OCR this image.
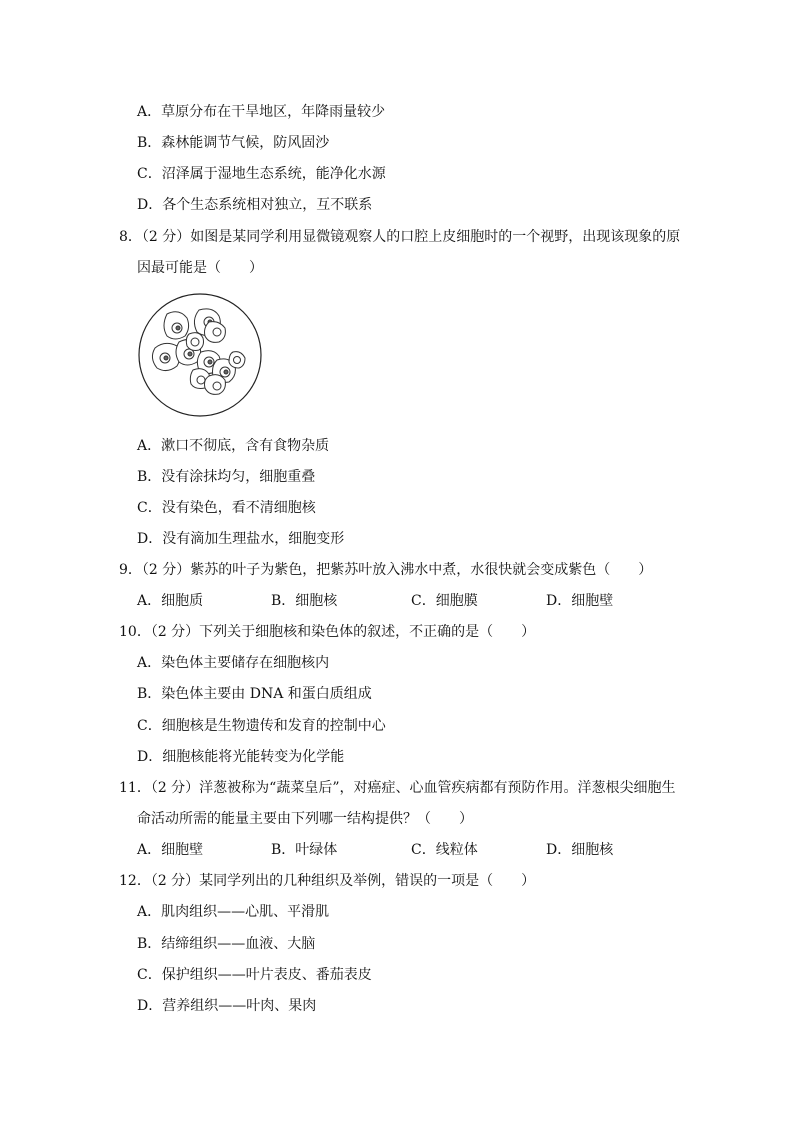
A．草原分布在干旱地区，年降雨量较少
B．森林能调节气候，防风固沙
C．沼泽属于湿地生态系统，能净化水源
D．各个生态系统相对独立，互不联系
8．（2 分）如图是某同学利用显微镜观察人的口腔上皮细胞时的一个视野，出现该现象的原
因最可能是（　　）
A．漱口不彻底，含有食物杂质
B．没有涂抹均匀，细胞重叠
C．没有染色，看不清细胞核
D．没有滴加生理盐水，细胞变形
9．（2 分）紫苏的叶子为紫色，把紫苏叶放入沸水中煮，水很快就会变成紫色（　　）
A．细胞质	B．细胞核	C．细胞膜	D．细胞壁
10．（2 分）下列关于细胞核和染色体的叙述，不正确的是（　　）
A．染色体主要储存在细胞核内
B．染色体主要由 DNA 和蛋白质组成
C．细胞核是生物遗传和发育的控制中心
D．细胞核能将光能转变为化学能
11．（2 分）洋葱被称为“蔬菜皇后”，对癌症、心血管疾病都有预防作用。洋葱根尖细胞生
命活动所需的能量主要由下列哪一结构提供？（　　）
A．细胞壁	B．叶绿体	C．线粒体	D．细胞核
12．（2 分）某同学列出的几种组织及举例，错误的一项是（　　）
A．肌肉组织——心肌、平滑肌
B．结缔组织——血液、大脑
C．保护组织——叶片表皮、番茄表皮
D．营养组织——叶肉、果肉
